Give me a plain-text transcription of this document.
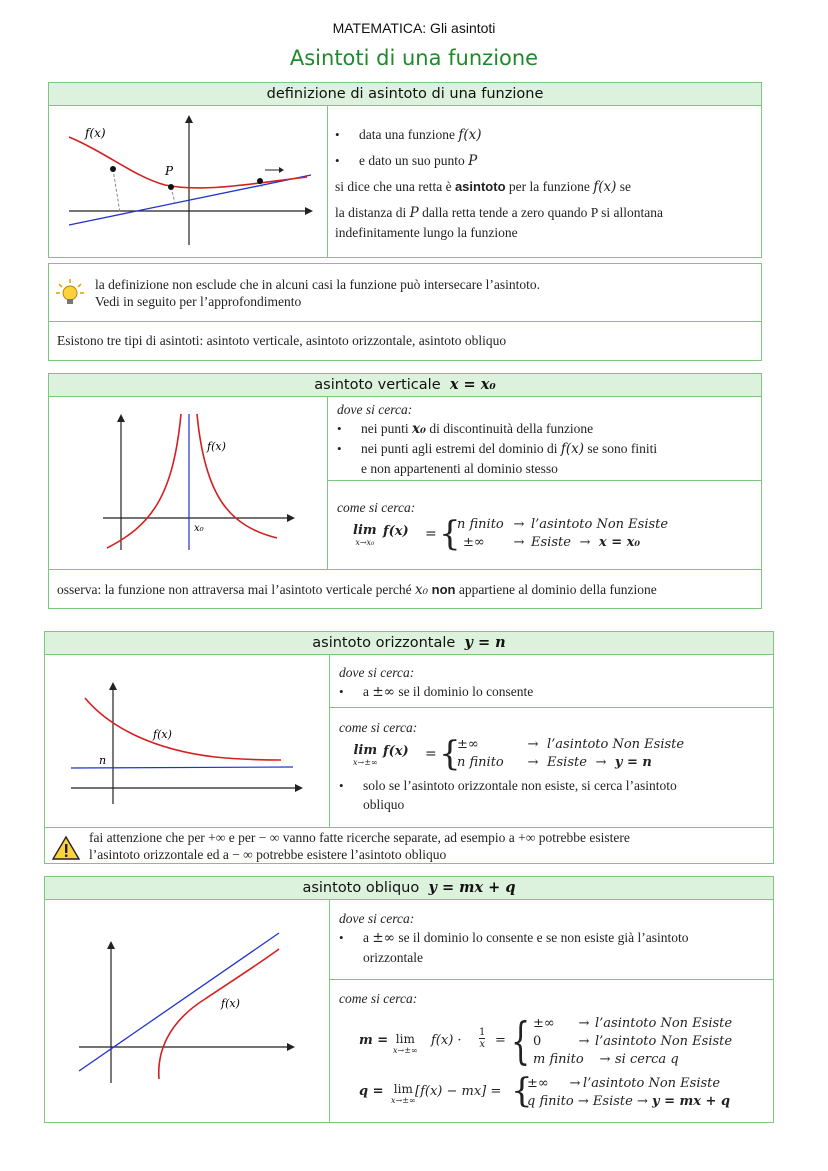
MATEMATICA: Gli asintoti
Asintoti di una funzione
definizione di asintoto di una funzione
f(x)
P
• data una funzione f(x)
• e dato un suo punto P
si dice che una retta è asintoto per la funzione f(x) se
la distanza di P dalla retta tende a zero quando P si allontana
indefinitamente lungo la funzione
la definizione non esclude che in alcuni casi la funzione può intersecare l’asintoto.
Vedi in seguito per l’approfondimento
Esistono tre tipi di asintoti: asintoto verticale, asintoto orizzontale, asintoto obliquo
asintoto verticale x = x₀
f(x)
x₀
dove si cerca:
• nei punti x₀ di discontinuità della funzione
• nei punti agli estremi del dominio di f(x) se sono finiti
e non appartenenti al dominio stesso
come si cerca:
lim
x→x₀
f(x) = {
n finito → l’asintoto Non Esiste
±∞ → Esiste → x = x₀
osserva: la funzione non attraversa mai l’asintoto verticale perché x₀ non appartiene al dominio della funzione
asintoto orizzontale y = n
f(x)
n
dove si cerca:
• a ±∞ se il dominio lo consente
come si cerca:
lim
x→±∞
f(x) = {
±∞	→ l’asintoto Non Esiste
n finito → Esiste → y = n
• solo se l’asintoto orizzontale non esiste, si cerca l’asintoto
obliquo
fai attenzione che per +∞ e per − ∞ vanno fatte ricerche separate, ad esempio a +∞ potrebbe esistere
l’asintoto orizzontale ed a − ∞ potrebbe esistere l’asintoto obliquo
asintoto obliquo y = mx + q
f(x)
dove si cerca:
• a ±∞ se il dominio lo consente e se non esiste già l’asintoto
orizzontale
come si cerca:
m = lim
x→±∞
f(x) ·
1
x = { ±∞ → l’asintoto Non Esiste
0	→ l’asintoto Non Esiste
m finito → si cerca q
q = lim
x→±∞
[f(x) − mx] = {
±∞ → l’asintoto Non Esiste
q finito → Esiste → y = mx + q
